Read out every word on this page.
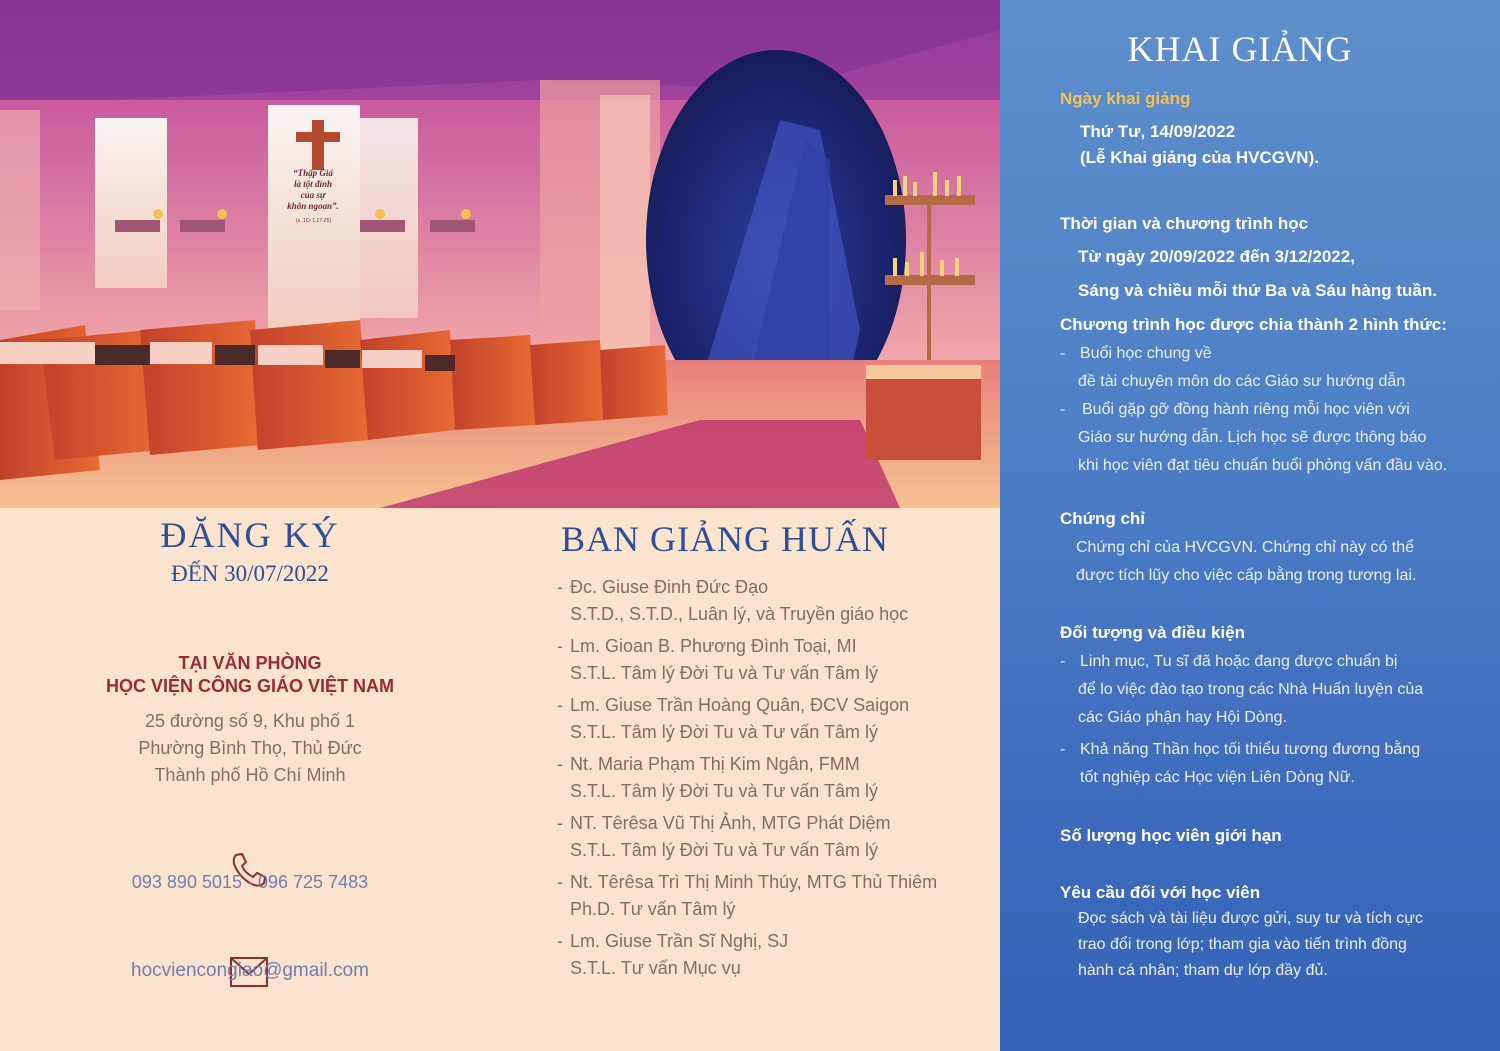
“Thập Giá
là tột đỉnh
của sự
khôn ngoan”.
(x. 1Cr 1,17-25)
ĐĂNG KÝ
ĐẾN 30/07/2022
TẠI VĂN PHÒNG
HỌC VIỆN CÔNG GIÁO VIỆT NAM
25 đường số 9, Khu phố 1
Phường Bình Thọ, Thủ Đức
Thành phố Hồ Chí Minh
093 890 5015 - 096 725 7483
hocviencongiao@gmail.com
BAN GIẢNG HUẤN
- Đc. Giuse Đinh Đức Đạo
S.T.D., S.T.D., Luân lý, và Truyền giáo học
- Lm. Gioan B. Phương Đình Toại, MI
S.T.L. Tâm lý Đời Tu và Tư vấn Tâm lý
- Lm. Giuse Trần Hoàng Quân, ĐCV Saigon
S.T.L. Tâm lý Đời Tu và Tư vấn Tâm lý
- Nt. Maria Phạm Thị Kim Ngân, FMM
S.T.L. Tâm lý Đời Tu và Tư vấn Tâm lý
- NT. Têrêsa Vũ Thị Ảnh, MTG Phát Diệm
S.T.L. Tâm lý Đời Tu và Tư vấn Tâm lý
- Nt. Têrêsa Trì Thị Minh Thúy, MTG Thủ Thiêm
Ph.D. Tư vấn Tâm lý
- Lm. Giuse Trần Sĩ Nghị, SJ
S.T.L. Tư vấn Mục vụ
KHAI GIẢNG
Ngày khai giảng
Thứ Tư, 14/09/2022
(Lễ Khai giảng của HVCGVN).
Thời gian và chương trình học
Từ ngày 20/09/2022 đến 3/12/2022,
Sáng và chiều mỗi thứ Ba và Sáu hàng tuần.
Chương trình học được chia thành 2 hình thức:
- Buổi học chung về
đề tài chuyên môn do các Giáo sư hướng dẫn
-	Buổi gặp gỡ đồng hành riêng mỗi học viên với
Giáo sư hướng dẫn. Lịch học sẽ được thông báo
khi học viên đạt tiêu chuẩn buổi phỏng vấn đầu vào.
Chứng chỉ
Chứng chỉ của HVCGVN. Chứng chỉ này có thể
được tích lũy cho việc cấp bằng trong tương lai.
Đối tượng và điều kiện
- Linh mục, Tu sĩ đã hoặc đang được chuẩn bị
để lo việc đào tạo trong các Nhà Huấn luyện của
các Giáo phận hay Hội Dòng.
- Khả năng Thần học tối thiểu tương đương bằng
tốt nghiệp các Học viện Liên Dòng Nữ.
Số lượng học viên giới hạn
Yêu cầu đối với học viên
Đọc sách và tài liệu được gửi, suy tư và tích cực
trao đổi trong lớp; tham gia vào tiến trình đồng
hành cá nhân; tham dự lớp đầy đủ.
